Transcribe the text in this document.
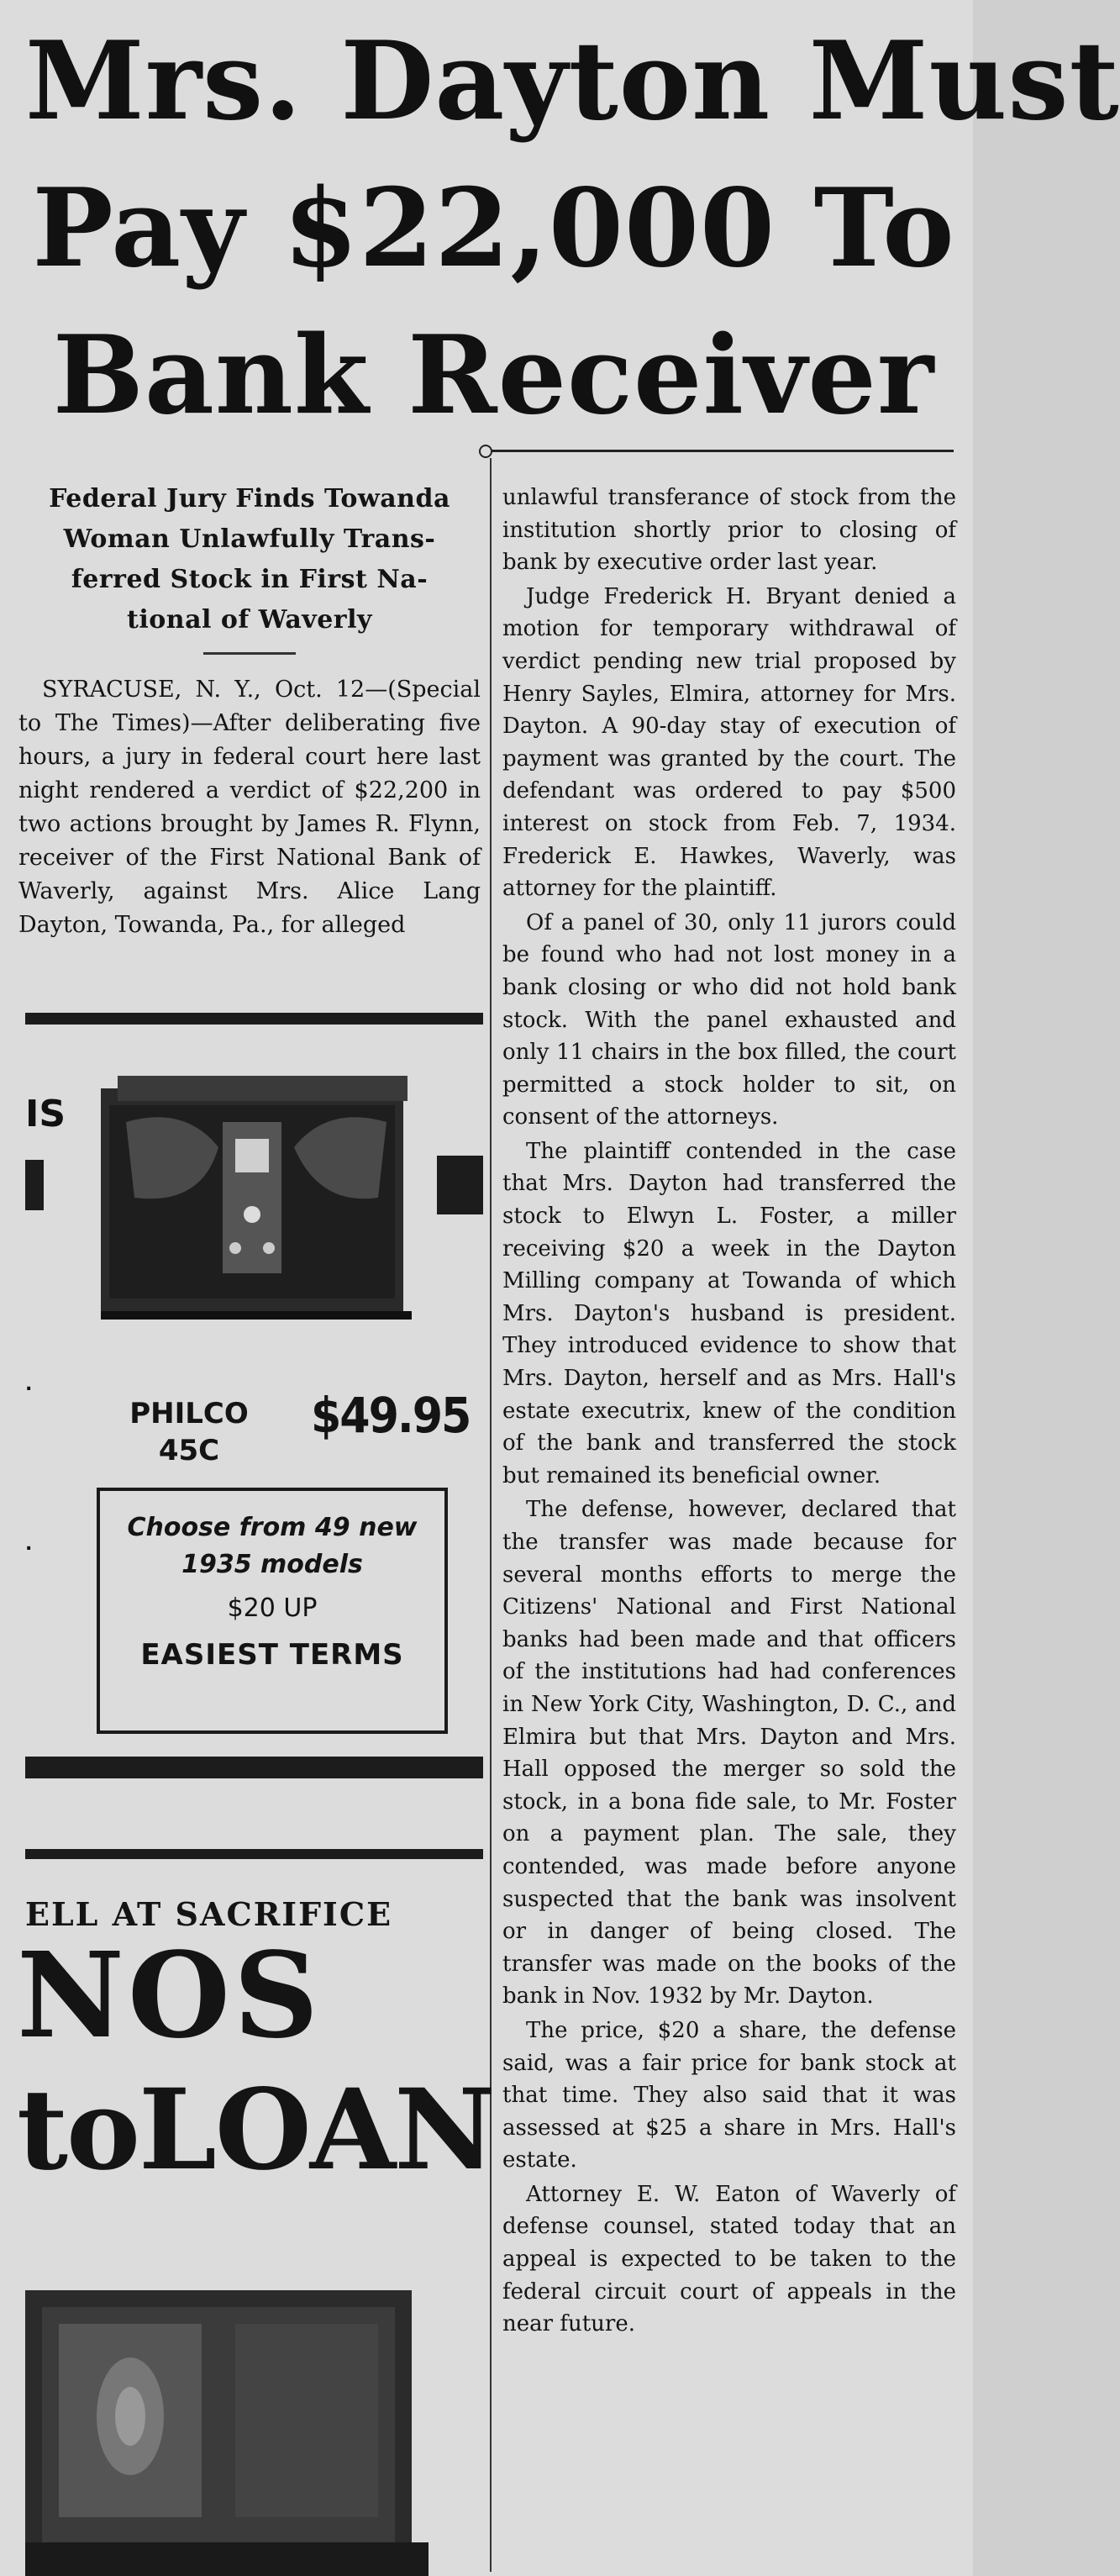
Mrs. Dayton Must
Pay $22,000 To
Bank Receiver
Federal Jury Finds Towanda
Woman Unlawfully Trans-
ferred Stock in First Na-
tional of Waverly

SYRACUSE, N. Y., Oct. 12—(Special to The Times)—After deliberating five hours, a jury in federal court here last night rendered a verdict of $22,200 in two actions brought by James R. Flynn, receiver of the First National Bank of Waverly, against Mrs. Alice Lang Dayton, Towanda, Pa., for alleged

unlawful transferance of stock from the institution shortly prior to closing of bank by executive order last year.

Judge Frederick H. Bryant denied a motion for temporary withdrawal of verdict pending new trial proposed by Henry Sayles, Elmira, attorney for Mrs. Dayton. A 90-day stay of execution of payment was granted by the court. The defendant was ordered to pay $500 interest on stock from Feb. 7, 1934. Frederick E. Hawkes, Waverly, was attorney for the plaintiff.

Of a panel of 30, only 11 jurors could be found who had not lost money in a bank closing or who did not hold bank stock. With the panel exhausted and only 11 chairs in the box filled, the court permitted a stock holder to sit, on consent of the attorneys.

The plaintiff contended in the case that Mrs. Dayton had transferred the stock to Elwyn L. Foster, a miller receiving $20 a week in the Dayton Milling company at Towanda of which Mrs. Dayton's husband is president. They introduced evidence to show that Mrs. Dayton, herself and as Mrs. Hall's estate executrix, knew of the condition of the bank and transferred the stock but remained its beneficial owner.

The defense, however, declared that the transfer was made because for several months efforts to merge the Citizens' National and First National banks had been made and that officers of the institutions had had conferences in New York City, Washington, D. C., and Elmira but that Mrs. Dayton and Mrs. Hall opposed the merger so sold the stock, in a bona fide sale, to Mr. Foster on a payment plan. The sale, they contended, was made before anyone suspected that the bank was insolvent or in danger of being closed. The transfer was made on the books of the bank in Nov. 1932 by Mr. Dayton.

The price, $20 a share, the defense said, was a fair price for bank stock at that time. They also said that it was assessed at $25 a share in Mrs. Hall's estate.

Attorney E. W. Eaton of Waverly of defense counsel, stated today that an appeal is expected to be taken to the federal circuit court of appeals in the near future.

IS
PHILCO
45C
$49.95
.
.
Choose from 49 new
1935 models
$20 UP
EASIEST TERMS
ELL AT SACRIFICE
NOS
toLOAN
